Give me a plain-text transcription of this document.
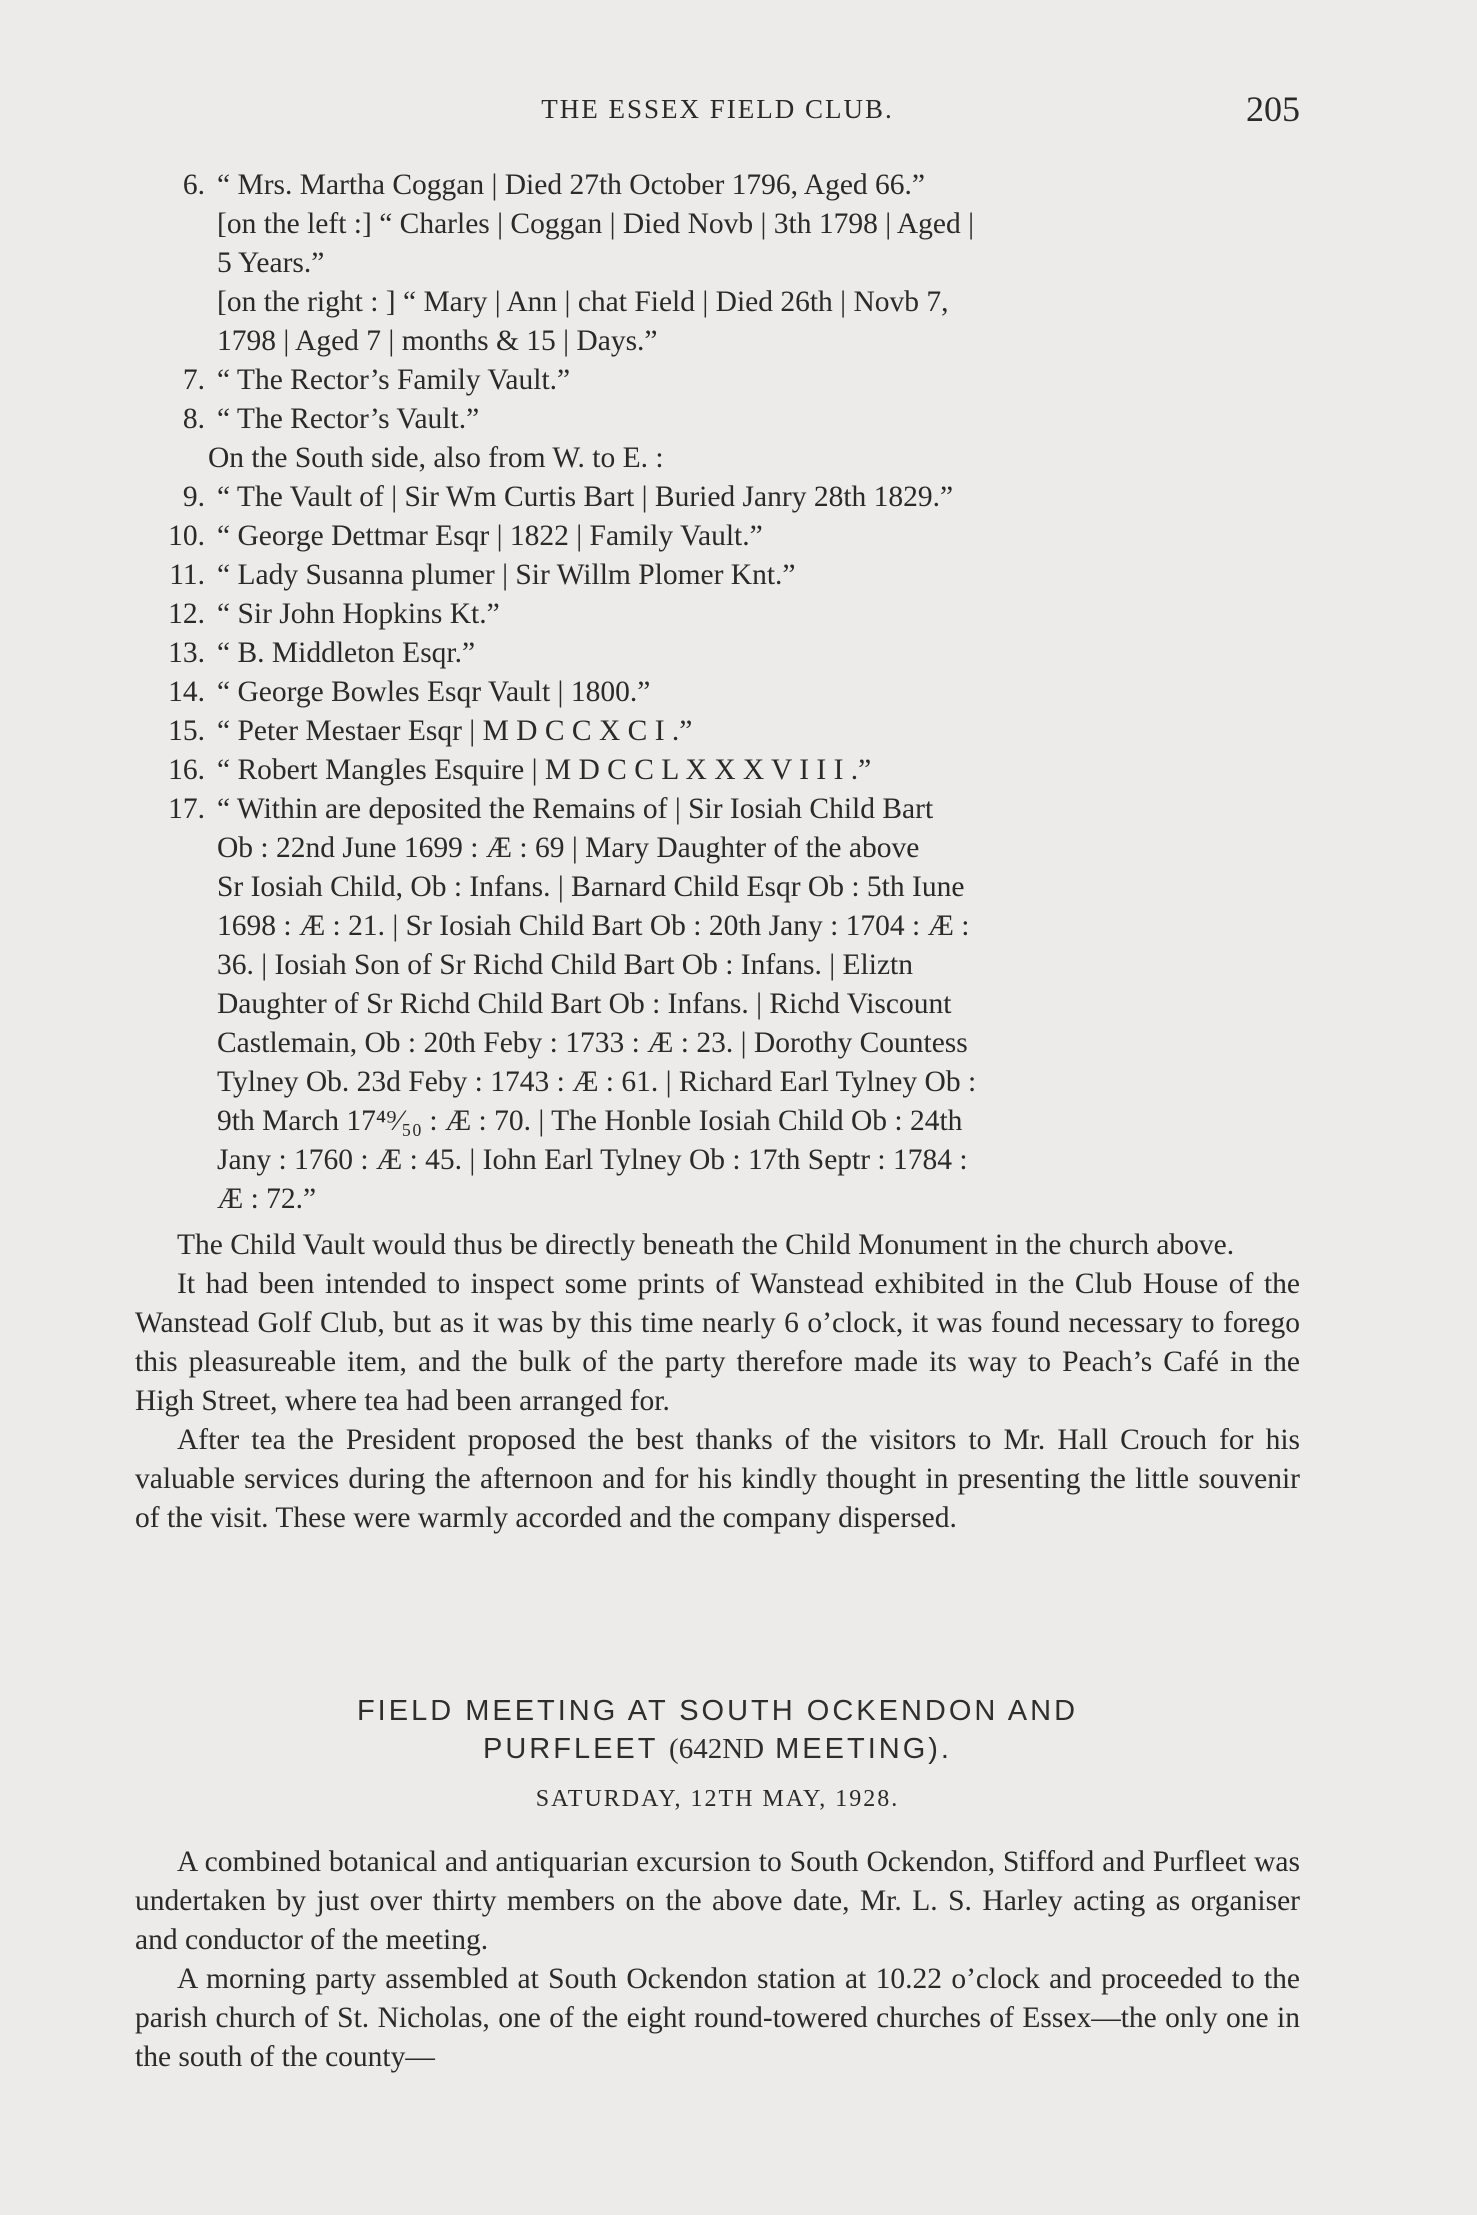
THE ESSEX FIELD CLUB.	205
6. “ Mrs. Martha Coggan | Died 27th October 1796, Aged 66.”
[on the left :] “ Charles | Coggan | Died Novb | 3th 1798 | Aged |
5 Years.”
[on the right : ] “ Mary | Ann | chat Field | Died 26th | Novb 7,
1798 | Aged 7 | months & 15 | Days.”
7. “ The Rector’s Family Vault.”
8. “ The Rector’s Vault.”
On the South side, also from W. to E. :
9. “ The Vault of | Sir Wm Curtis Bart | Buried Janry 28th 1829.”
10. “ George Dettmar Esqr | 1822 | Family Vault.”
11. “ Lady Susanna plumer | Sir Willm Plomer Knt.”
12. “ Sir John Hopkins Kt.”
13. “ B. Middleton Esqr.”
14. “ George Bowles Esqr Vault | 1800.”
15. “ Peter Mestaer Esqr | M D C C X C I .”
16. “ Robert Mangles Esquire | M D C C L X X X V I I I .”
17. “ Within are deposited the Remains of | Sir Iosiah Child Bart
Ob : 22nd June 1699 : Æ : 69 | Mary Daughter of the above
Sr Iosiah Child, Ob : Infans. | Barnard Child Esqr Ob : 5th Iune
1698 : Æ : 21. | Sr Iosiah Child Bart Ob : 20th Jany : 1704 : Æ :
36. | Iosiah Son of Sr Richd Child Bart Ob : Infans. | Eliztn
Daughter of Sr Richd Child Bart Ob : Infans. | Richd Viscount
Castlemain, Ob : 20th Feby : 1733 : Æ : 23. | Dorothy Countess
Tylney Ob. 23d Feby : 1743 : Æ : 61. | Richard Earl Tylney Ob :
9th March 17⁴⁹⁄₅₀ : Æ : 70. | The Honble Iosiah Child Ob : 24th
Jany : 1760 : Æ : 45. | Iohn Earl Tylney Ob : 17th Septr : 1784 :
Æ : 72.”

The Child Vault would thus be directly beneath the Child Monument in the church above.

It had been intended to inspect some prints of Wanstead exhibited in the Club House of the Wanstead Golf Club, but as it was by this time nearly 6 o’clock, it was found necessary to forego this pleasureable item, and the bulk of the party therefore made its way to Peach’s Café in the High Street, where tea had been arranged for.

After tea the President proposed the best thanks of the visitors to Mr. Hall Crouch for his valuable services during the afternoon and for his kindly thought in presenting the little souvenir of the visit. These were warmly accorded and the company dispersed.

FIELD MEETING AT SOUTH OCKENDON AND
PURFLEET (642ND MEETING).
SATURDAY, 12TH MAY, 1928.

A combined botanical and antiquarian excursion to South Ockendon, Stifford and Purfleet was undertaken by just over thirty members on the above date, Mr. L. S. Harley acting as organiser and conductor of the meeting.

A morning party assembled at South Ockendon station at 10.22 o’clock and proceeded to the parish church of St. Nicholas, one of the eight round-towered churches of Essex—the only one in the south of the county—
